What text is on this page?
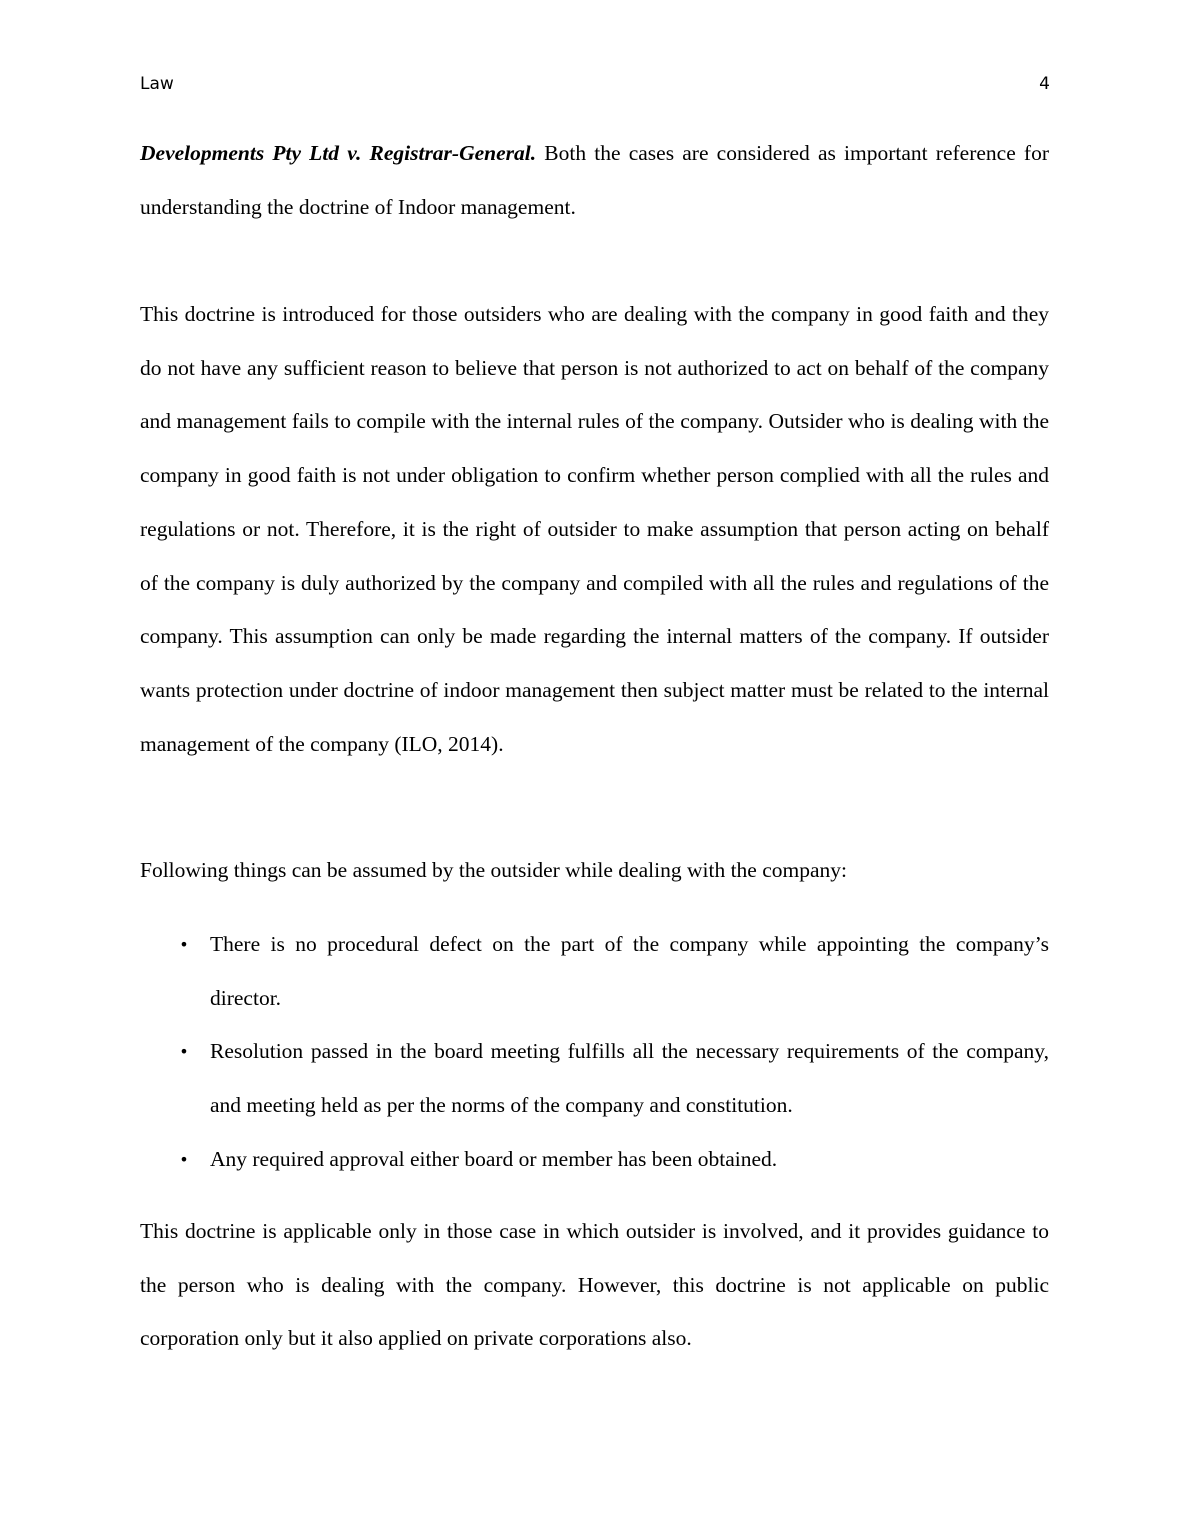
Law	4

Developments Pty Ltd v. Registrar-General. Both the cases are considered as important reference for understanding the doctrine of Indoor management.

This doctrine is introduced for those outsiders who are dealing with the company in good faith and they do not have any sufficient reason to believe that person is not authorized to act on behalf of the company and management fails to compile with the internal rules of the company. Outsider who is dealing with the company in good faith is not under obligation to confirm whether person complied with all the rules and regulations or not. Therefore, it is the right of outsider to make assumption that person acting on behalf of the company is duly authorized by the company and compiled with all the rules and regulations of the company. This assumption can only be made regarding the internal matters of the company. If outsider wants protection under doctrine of indoor management then subject matter must be related to the internal management of the company (ILO, 2014).

Following things can be assumed by the outsider while dealing with the company:

• There is no procedural defect on the part of the company while appointing the company’s director.
• Resolution passed in the board meeting fulfills all the necessary requirements of the company, and meeting held as per the norms of the company and constitution.
• Any required approval either board or member has been obtained.

This doctrine is applicable only in those case in which outsider is involved, and it provides guidance to the person who is dealing with the company. However, this doctrine is not applicable on public corporation only but it also applied on private corporations also.
